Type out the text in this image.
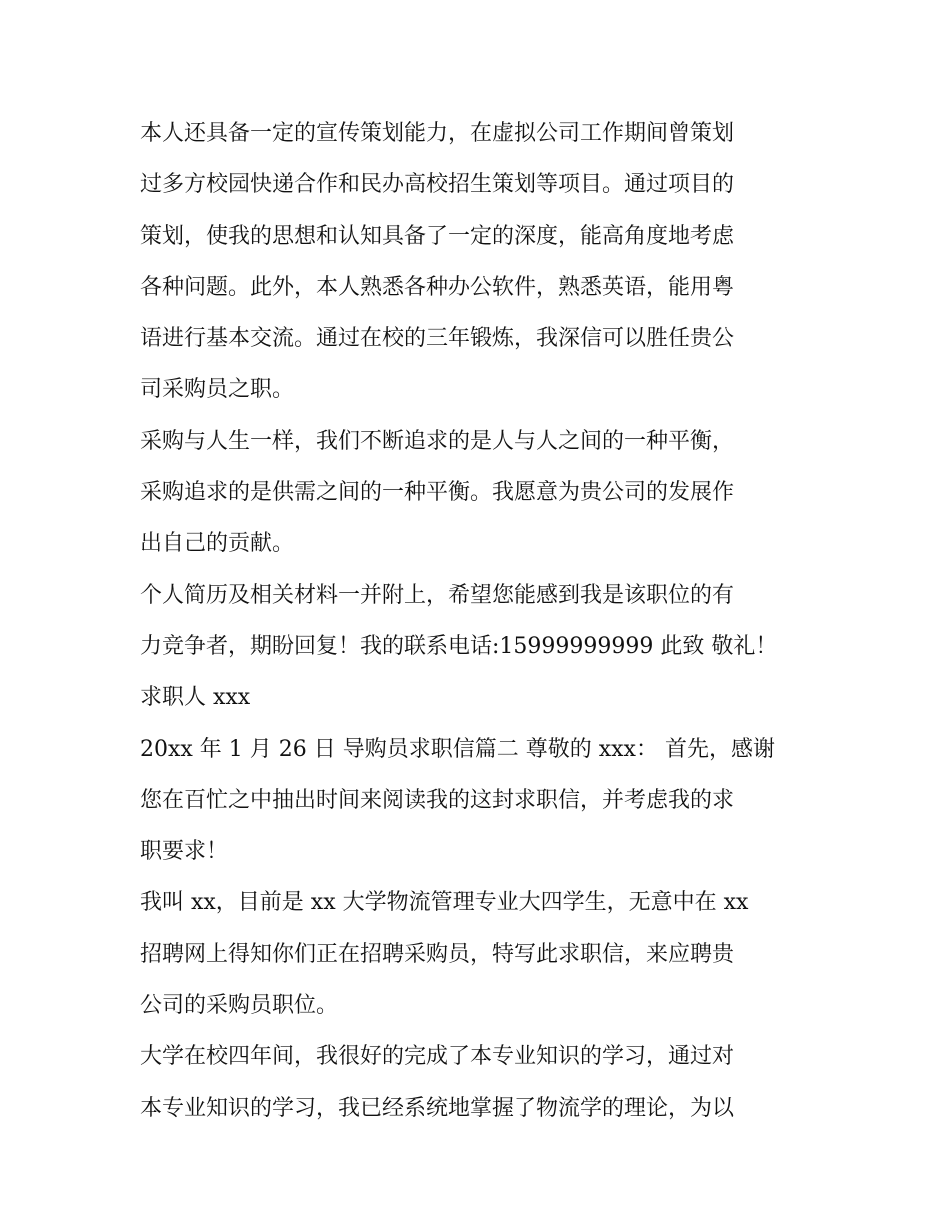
本人还具备一定的宣传策划能力，在虚拟公司工作期间曾策划
过多方校园快递合作和民办高校招生策划等项目。通过项目的
策划，使我的思想和认知具备了一定的深度，能高角度地考虑
各种问题。此外，本人熟悉各种办公软件，熟悉英语，能用粤
语进行基本交流。通过在校的三年锻炼，我深信可以胜任贵公
司采购员之职。
采购与人生一样，我们不断追求的是人与人之间的一种平衡，
采购追求的是供需之间的一种平衡。我愿意为贵公司的发展作
出自己的贡献。
个人简历及相关材料一并附上，希望您能感到我是该职位的有
力竞争者，期盼回复！我的联系电话:15999999999 此致 敬礼！
求职人 xxx
20xx 年 1 月 26 日 导购员求职信篇二 尊敬的 xxx： 首先，感谢
您在百忙之中抽出时间来阅读我的这封求职信，并考虑我的求
职要求！
我叫 xx，目前是 xx 大学物流管理专业大四学生，无意中在 xx
招聘网上得知你们正在招聘采购员，特写此求职信，来应聘贵
公司的采购员职位。
大学在校四年间，我很好的完成了本专业知识的学习，通过对
本专业知识的学习，我已经系统地掌握了物流学的理论，为以
